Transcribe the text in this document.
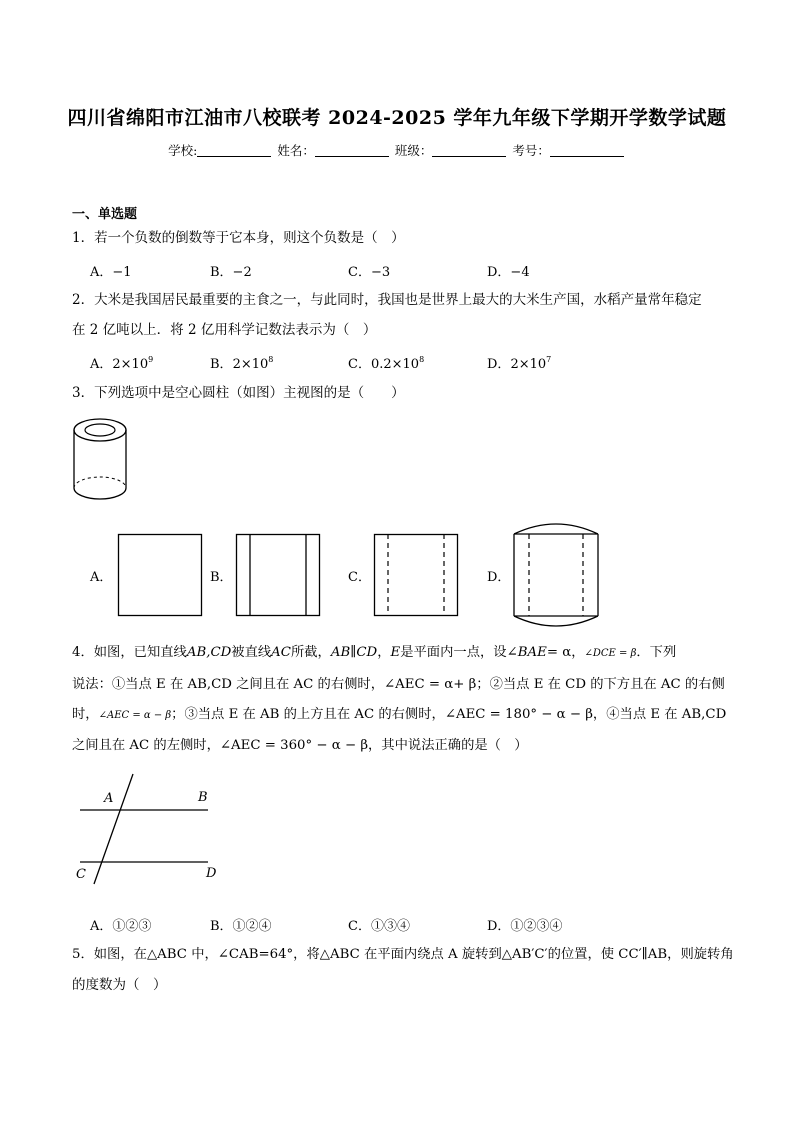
四川省绵阳市江油市八校联考 2024-2025 学年九年级下学期开学数学试题
学校:	姓名：	班级：	考号：
一、单选题
1．若一个负数的倒数等于它本身，则这个负数是（　）
A．−1	B．−2	C．−3	D．−4
2．大米是我国居民最重要的主食之一，与此同时，我国也是世界上最大的大米生产国，水稻产量常年稳定
在 2 亿吨以上．将 2 亿用科学记数法表示为（　）
A．$2\times 10^9$	B．$2\times 10^8$	C．$0.2\times 10^8$	D．$2\times 10^7$
3．下列选项中是空心圆柱（如图）主视图的是（　　）
A．	B．	C．	D．
4．如图，已知直线AB,CD被直线AC所截，AB∥CD，E是平面内一点，设∠BAE= α，∠DCE = β．下列
说法：①当点 E 在 AB,CD 之间且在 AC 的右侧时，∠AEC = α+ β；②当点 E 在 CD 的下方且在 AC 的右侧
时，∠AEC = α − β；③当点 E 在 AB 的上方且在 AC 的右侧时，∠AEC = 180° − α − β，④当点 E 在 AB,CD
之间且在 AC 的左侧时，∠AEC = 360° − α − β，其中说法正确的是（　）
A	B
C	D
A．①②③	B．①②④	C．①③④	D．①②③④
5．如图，在△ABC 中，∠CAB=64°，将△ABC 在平面内绕点 A 旋转到△AB′C′的位置，使 CC′∥AB，则旋转角
的度数为（　）
